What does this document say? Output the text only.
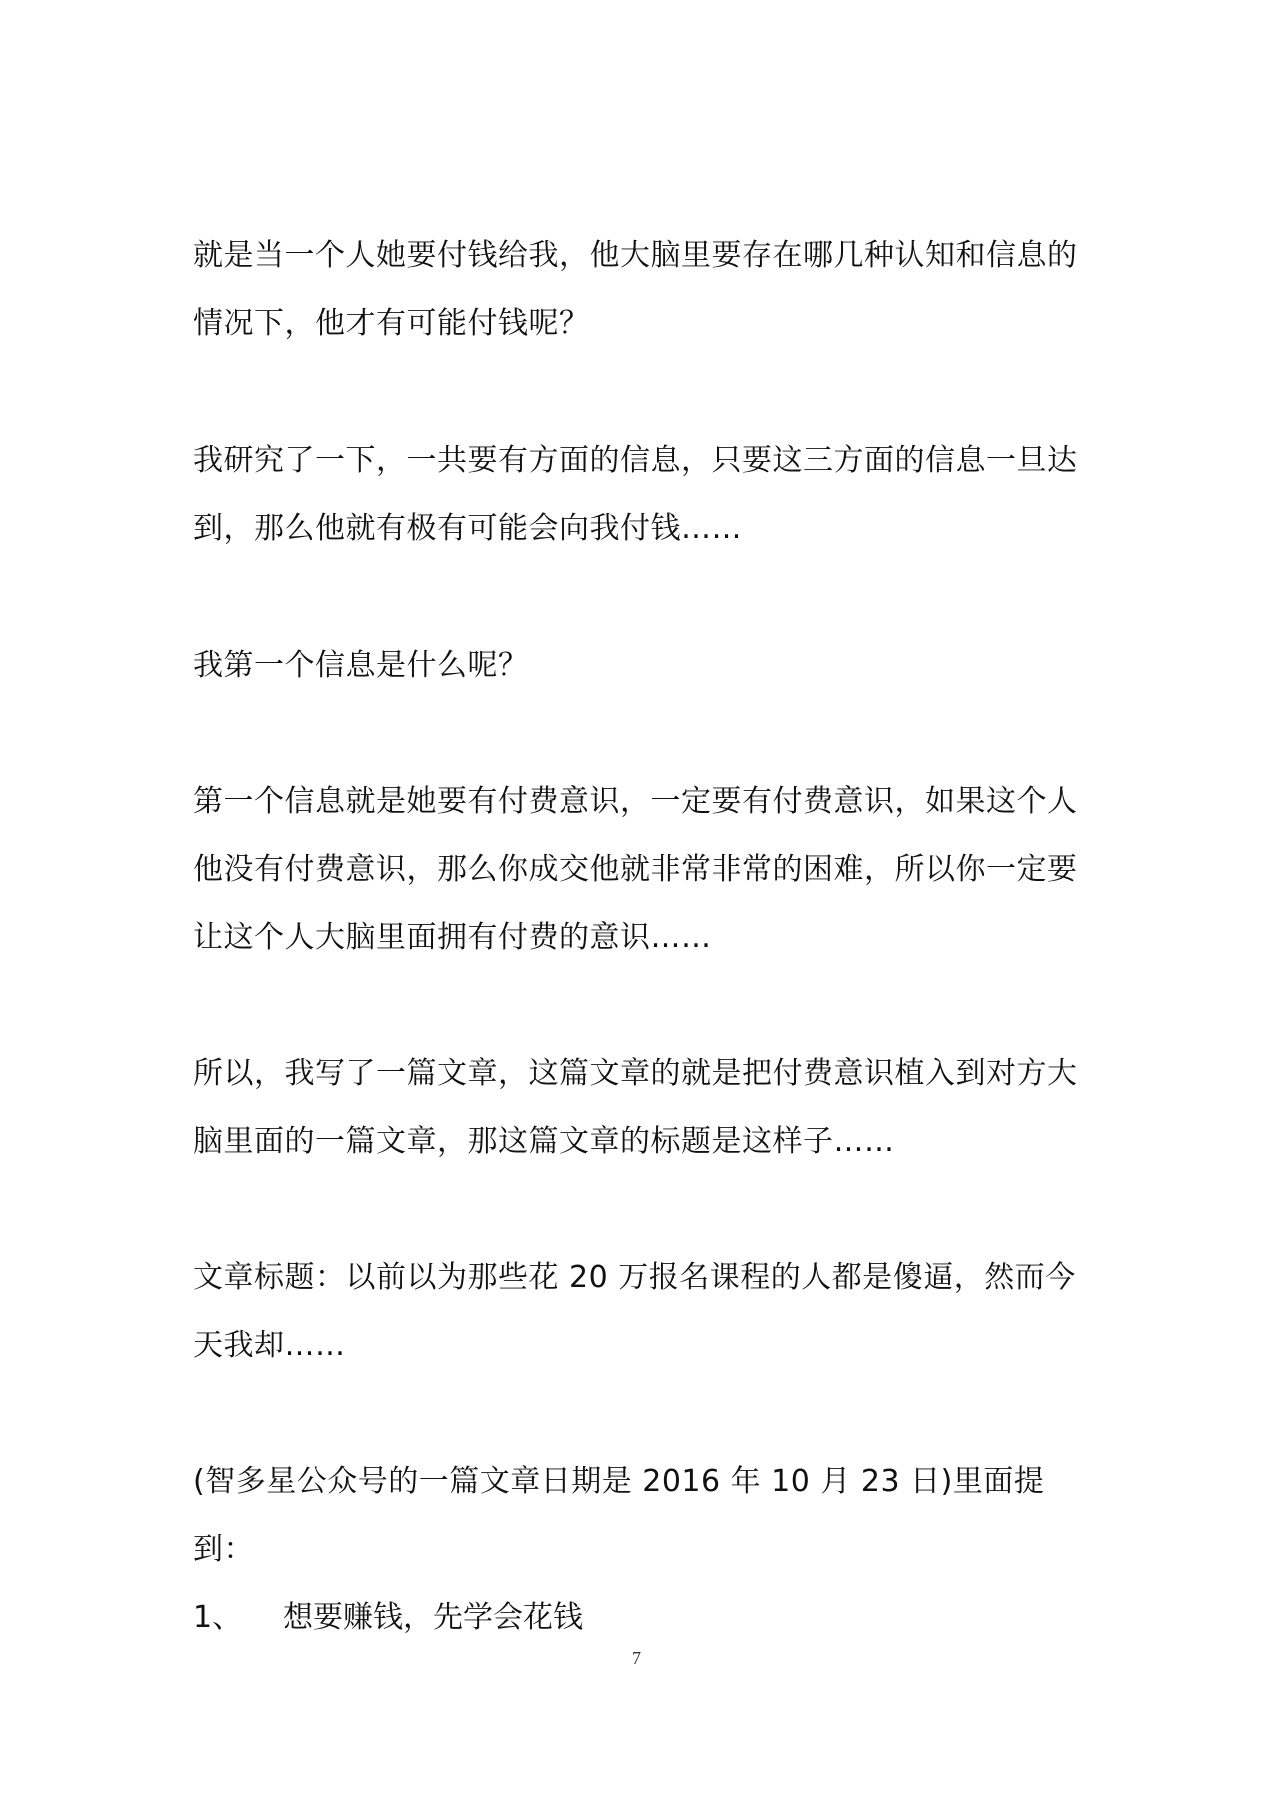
就是当一个人她要付钱给我，他大脑里要存在哪几种认知和信息的情况下，他才有可能付钱呢？

我研究了一下，一共要有方面的信息，只要这三方面的信息一旦达到，那么他就有极有可能会向我付钱……

我第一个信息是什么呢？

第一个信息就是她要有付费意识，一定要有付费意识，如果这个人他没有付费意识，那么你成交他就非常非常的困难，所以你一定要让这个人大脑里面拥有付费的意识……

所以，我写了一篇文章，这篇文章的就是把付费意识植入到对方大脑里面的一篇文章，那这篇文章的标题是这样子……

文章标题：以前以为那些花 20 万报名课程的人都是傻逼，然而今天我却……

(智多星公众号的一篇文章日期是 2016 年 10 月 23 日)里面提到：

1、	想要赚钱，先学会花钱
7
